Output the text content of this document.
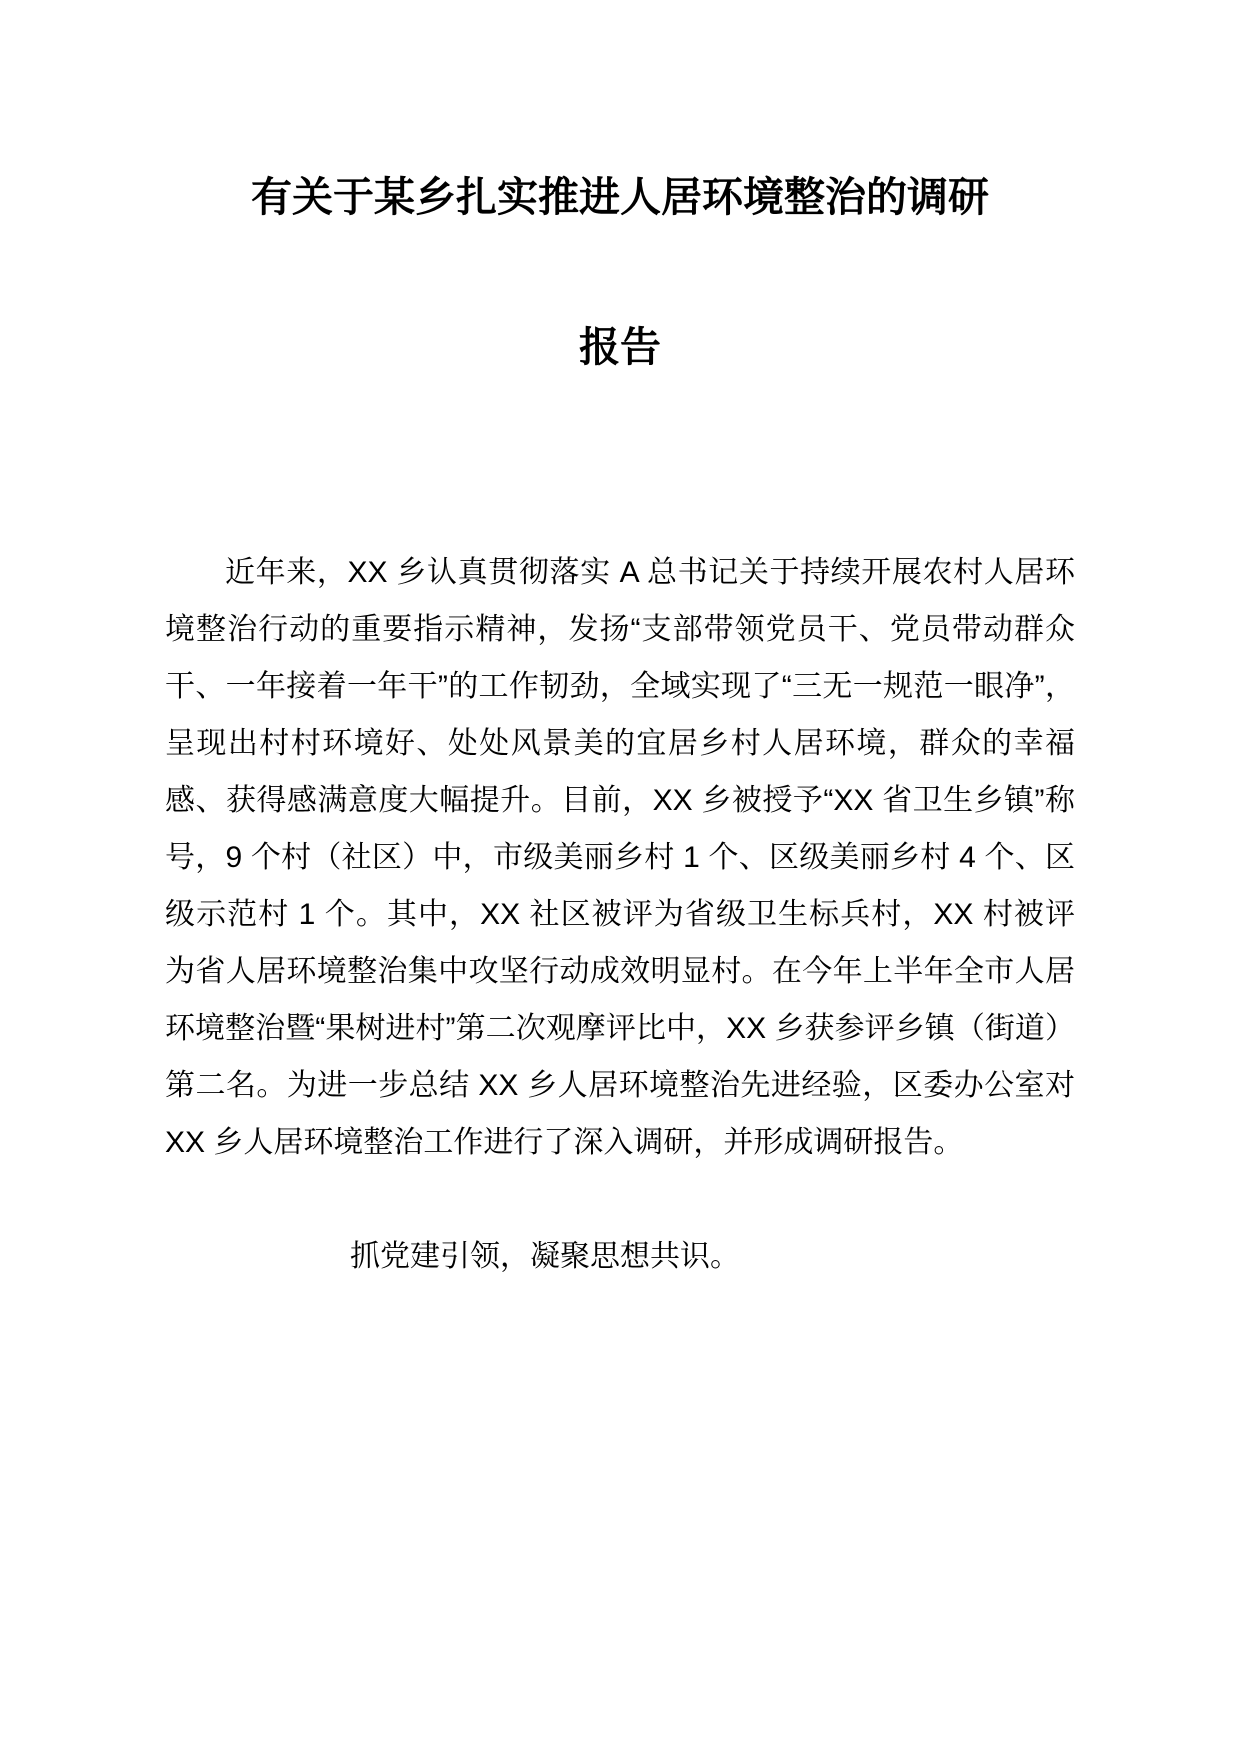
有关于某乡扎实推进人居环境整治的调研
报告

近年来，XX 乡认真贯彻落实 A 总书记关于持续开展农村人居环境整治行动的重要指示精神，发扬“支部带领党员干、党员带动群众干、一年接着一年干”的工作韧劲，全域实现了“三无一规范一眼净”，呈现出村村环境好、处处风景美的宜居乡村人居环境，群众的幸福感、获得感满意度大幅提升。目前，XX 乡被授予“XX 省卫生乡镇”称号，9 个村（社区）中，市级美丽乡村 1 个、区级美丽乡村 4 个、区级示范村 1 个。其中，XX 社区被评为省级卫生标兵村，XX 村被评为省人居环境整治集中攻坚行动成效明显村。在今年上半年全市人居环境整治暨“果树进村”第二次观摩评比中，XX 乡获参评乡镇（街道）第二名。为进一步总结 XX 乡人居环境整治先进经验，区委办公室对 XX 乡人居环境整治工作进行了深入调研，并形成调研报告。

抓党建引领，凝聚思想共识。
